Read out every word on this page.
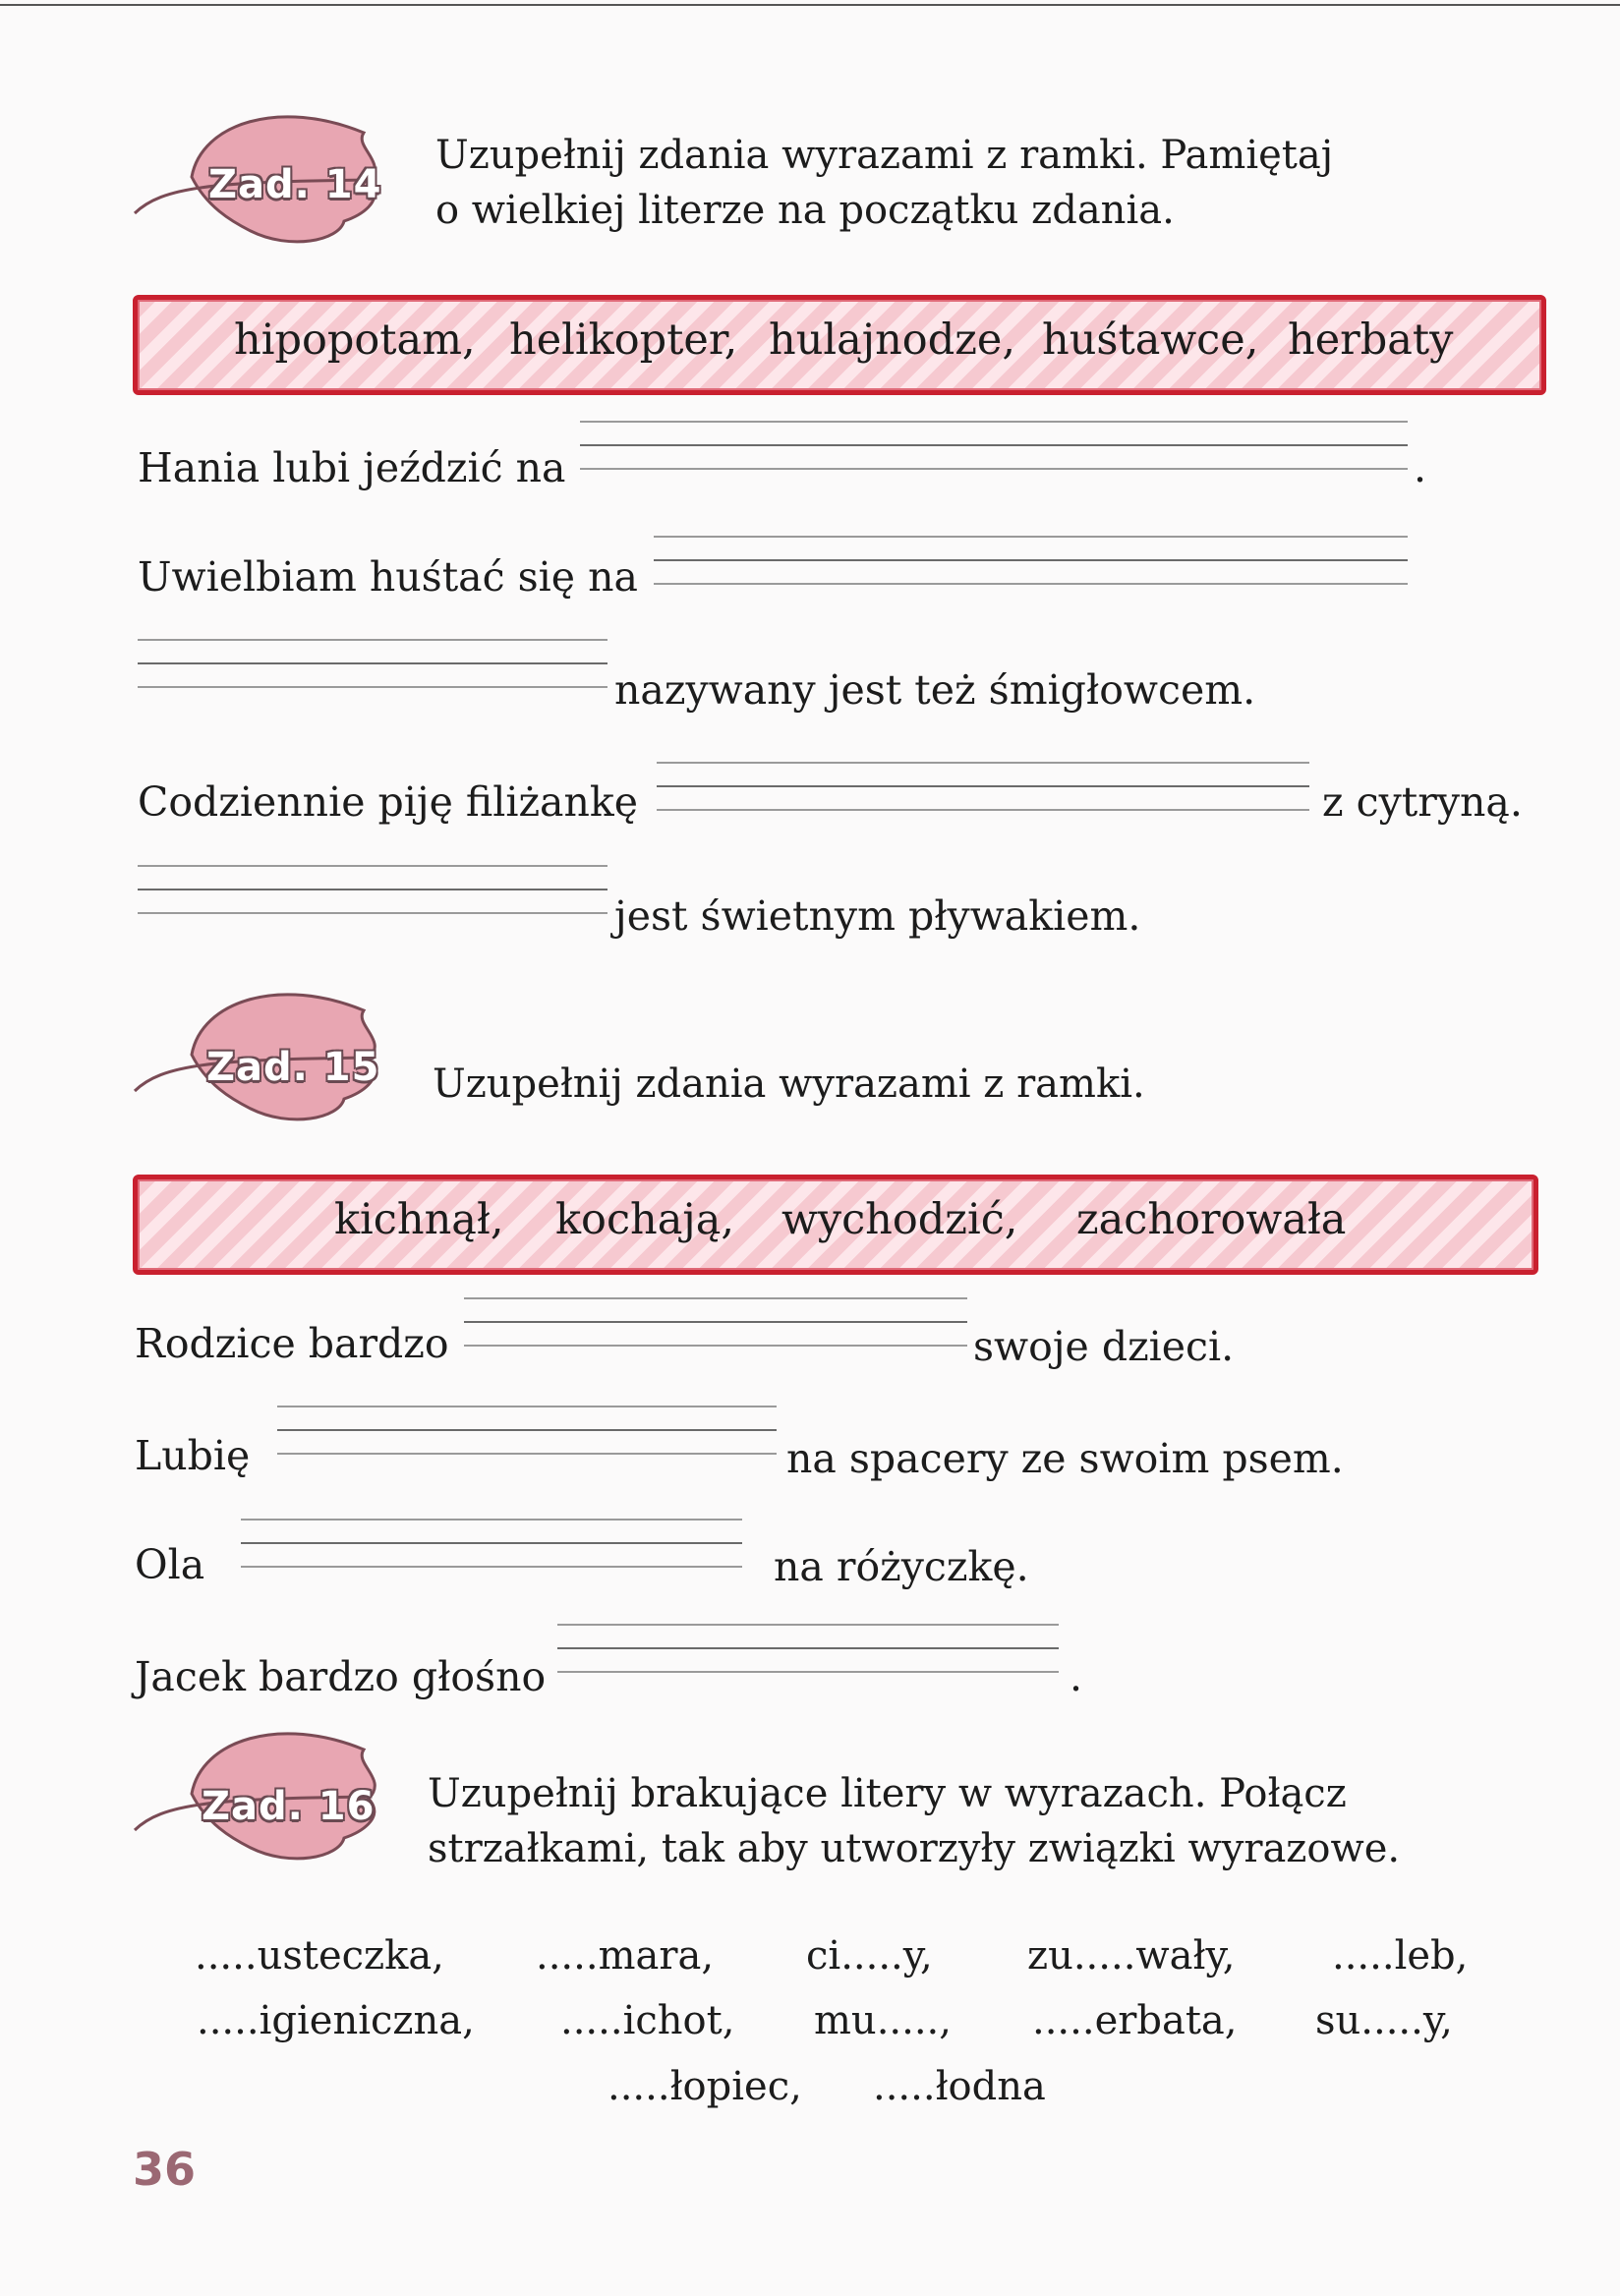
Zad. 14
Uzupełnij zdania wyrazami z ramki. Pamiętaj
o wielkiej literze na początku zdania.
hipopotam, helikopter, hulajnodze, huśtawce, herbaty
Hania lubi jeździć na	.
Uwielbiam huśtać się na
nazywany jest też śmigłowcem.
Codziennie piję filiżankę	z cytryną.
jest świetnym pływakiem.
Zad. 15 Uzupełnij zdania wyrazami z ramki.
kichnął, kochają, wychodzić, zachorowała
Rodzice bardzo	swoje dzieci.
Lubię	na spacery ze swoim psem.
Ola	na różyczkę.
Jacek bardzo głośno	.
Zad. 16 Uzupełnij brakujące litery w wyrazach. Połącz
strzałkami, tak aby utworzyły związki wyrazowe.
.....usteczka, .....mara, ci.....y, zu.....wały, .....leb,
.....igieniczna, .....ichot, mu....., .....erbata, su.....y,
.....łopiec, .....łodna
36
